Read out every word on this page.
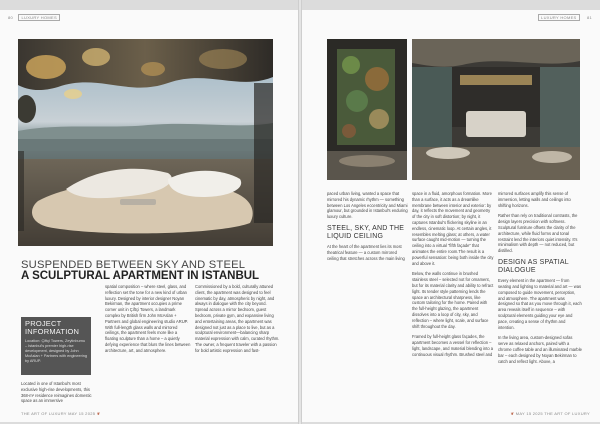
80 LUXURY HOMES
SUSPENDED BETWEEN SKY AND STEEL
A SCULPTURAL APARTMENT IN ISTANBUL
PROJECT INFORMATION
Location: Çiftçi Towers, Zeytinburnu – Istanbul's premier high-rise development, designed by John McAslan + Partners with engineering by ARUP.

Located in one of Istanbul's most exclusive high-rise developments, this 368-m² residence reimagines domestic space as an immersive

spatial composition – where steel, glass, and reflection set the tone for a new kind of urban luxury. Designed by interior designer Noyan Bekirman, the apartment occupies a prime corner unit in Çiftçi Towers, a landmark complex by British firm John McAslan + Partners and global engineering studio ARUP. With full-length glass walls and mirrored ceilings, the apartment feels more like a floating sculpture than a home – a quietly defying experience that blurs the lines between architecture, art, and atmosphere.

Commissioned by a bold, culturally attuned client, the apartment was designed to feel cinematic by day, atmospheric by night, and always in dialogue with the city beyond. Spread across a mirror bedroom, guest bedroom, private gym, and expansive living and entertaining areas, the apartment was designed not just as a place to live, but as a sculptural environment—balancing sharp material expression with calm, curated rhythm. The owner, a frequent traveler with a passion for bold artistic expression and fast-

THE ART OF LUXURY MAY 15 2025 ❦
LUXURY HOMES	81

paced urban living, wanted a space that mirrored his dynamic rhythm — something between Los Angeles eccentricity and Miami glamour, but grounded in Istanbul's enduring luxury culture.

STEEL, SKY, AND THE LIQUID CEILING

At the heart of the apartment lies its most theatrical feature — a custom mirrored ceiling that stretches across the main living

space in a fluid, amorphous formation. More than a surface, it acts as a dreamlike membrane between interior and exterior: by day, it reflects the movement and geometry of the city in soft distortion; by night, it captures Istanbul's flickering skyline in an endless, cinematic loop. At certain angles, it resembles melting glass; at others, a water surface caught mid-motion — turning the ceiling into a virtual "fifth façade" that animates the entire room.The result is a powerful sensation: being both inside the city and above it.

Below, the walls continue in brushed stainless steel – selected not for ornament, but for its material clarity and ability to refract light. Its tender style patterning lends the space an architectural sharpness, like custom tailoring for the home. Paired with the full-height glazing, the apartment dissolves into a loop of city, sky, and reflection – where light, scale, and surface shift throughout the day.

Framed by full-height glass façades, the apartment becomes a vessel for reflection – light, landscape, and material blending into a continuous visual rhythm. Brushed steel and

mirrored surfaces amplify this sense of immersion, letting walls and ceilings into shifting horizons.

Rather than rely on traditional contrasts, the design layers precision with softness. Sculptural furniture offsets the clarity of the architecture, while fluid forms and tonal restraint lend the interiors quiet intensity. It's minimalism with depth — not reduced, but distilled.

DESIGN AS SPATIAL DIALOGUE

Every element in the apartment — from seating and lighting to material and art — was composed to guide movement, perception, and atmosphere. The apartment was designed so that as you move through it, each area reveals itself in sequence – with sculptural elements guiding your eye and pace, creating a sense of rhythm and intention.

In the living area, custom-designed sofas serve as relaxed anchors, paired with a chrome coffee table and an illuminated marble bar – each designed by Noyan Bekirman to catch and reflect light. Above, a

❦ MAY 15 2025 THE ART OF LUXURY
